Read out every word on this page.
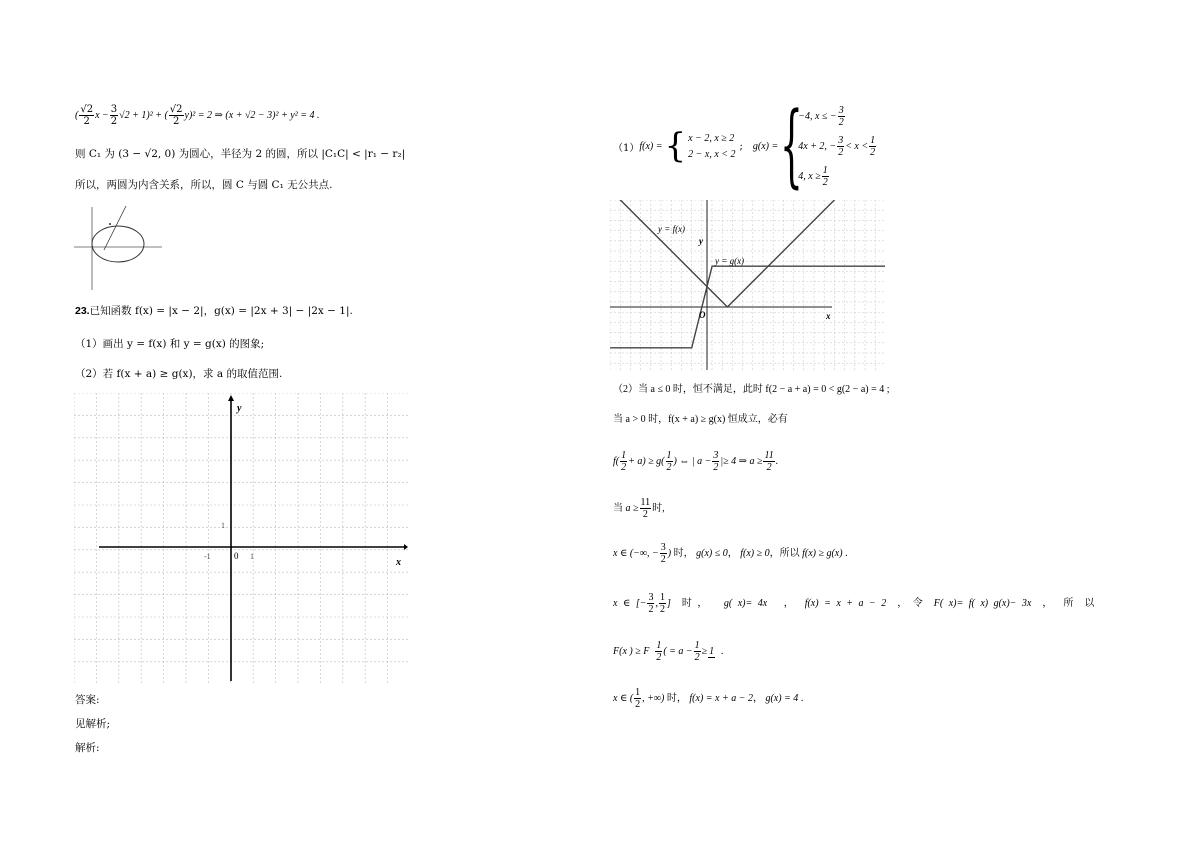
( $\frac{√2}{2}$ $x - \frac{3}{2} √2 + 1)^2$ + ( $\frac{√2}{2} y)^2 = 2$ ⇒ (x + √2 − 3)² + y² = 4 .
则 C₁ 为 (3 − √2, 0) 为圆心，半径为 2 的圆，所以 |C₁C| < |r₁ − r₂|
所以，两圆为内含关系，所以，圆 C 与圆 C₁ 无公共点.
23.已知函数 f(x) = |x − 2|，g(x) = |2x + 3| − |2x − 1|.
（1）画出 y = f(x) 和 y = g(x) 的图象;
（2）若 f(x + a) ≥ g(x)，求 a 的取值范围.
y
x
1
1
0
-1
答案:
见解析;
解析:
（1） f(x) = { x − 2, x ≥ 2
2 − x, x < 2
; g(x) = {
−4, x ≤ − $\frac{3}{2}$
4x + 2, − $\frac{3}{2} < x < \frac{1}{2}$
4, $x \ge \frac{1}{2}$
y = f(x)
y = g(x)
y
x
O
（2）当 a ≤ 0 时，恒不满足，此时 f(2 − a + a) = 0 < g(2 − a) = 4 ;
当 a > 0 时，f(x + a) ≥ g(x) 恒成立，必有
$f( \frac{1}{2} + a) \ge g( \frac{1}{2}$ ) ⇔ | $a - \frac{3}{2}$ |≥ 4 ⇒ $a \ge \frac{11}{2}$ .
当 $a \ge \frac{11}{2}$ 时,
x ∈ (−∞, − $\frac{3}{2}$ ) 时， g(x) ≤ 0， f(x) ≥ 0，所以 f(x) ≥ g(x) .
x ∈ [− $\frac{3}{2}$ , $\frac{1}{2}$ ]  时 ，   g( x)= 4x   ，  f(x) = x + a − 2  ， 令  F( x)= f( x) g(x)− 3x  ，  所  以
F(x ) ≥ F $\frac{1}{2}$ ( = $a - \frac{1}{2} \ge 1$ .
x ∈ ( $\frac{1}{2}$ , +∞) 时， f(x) = x + a − 2， g(x) = 4 .
